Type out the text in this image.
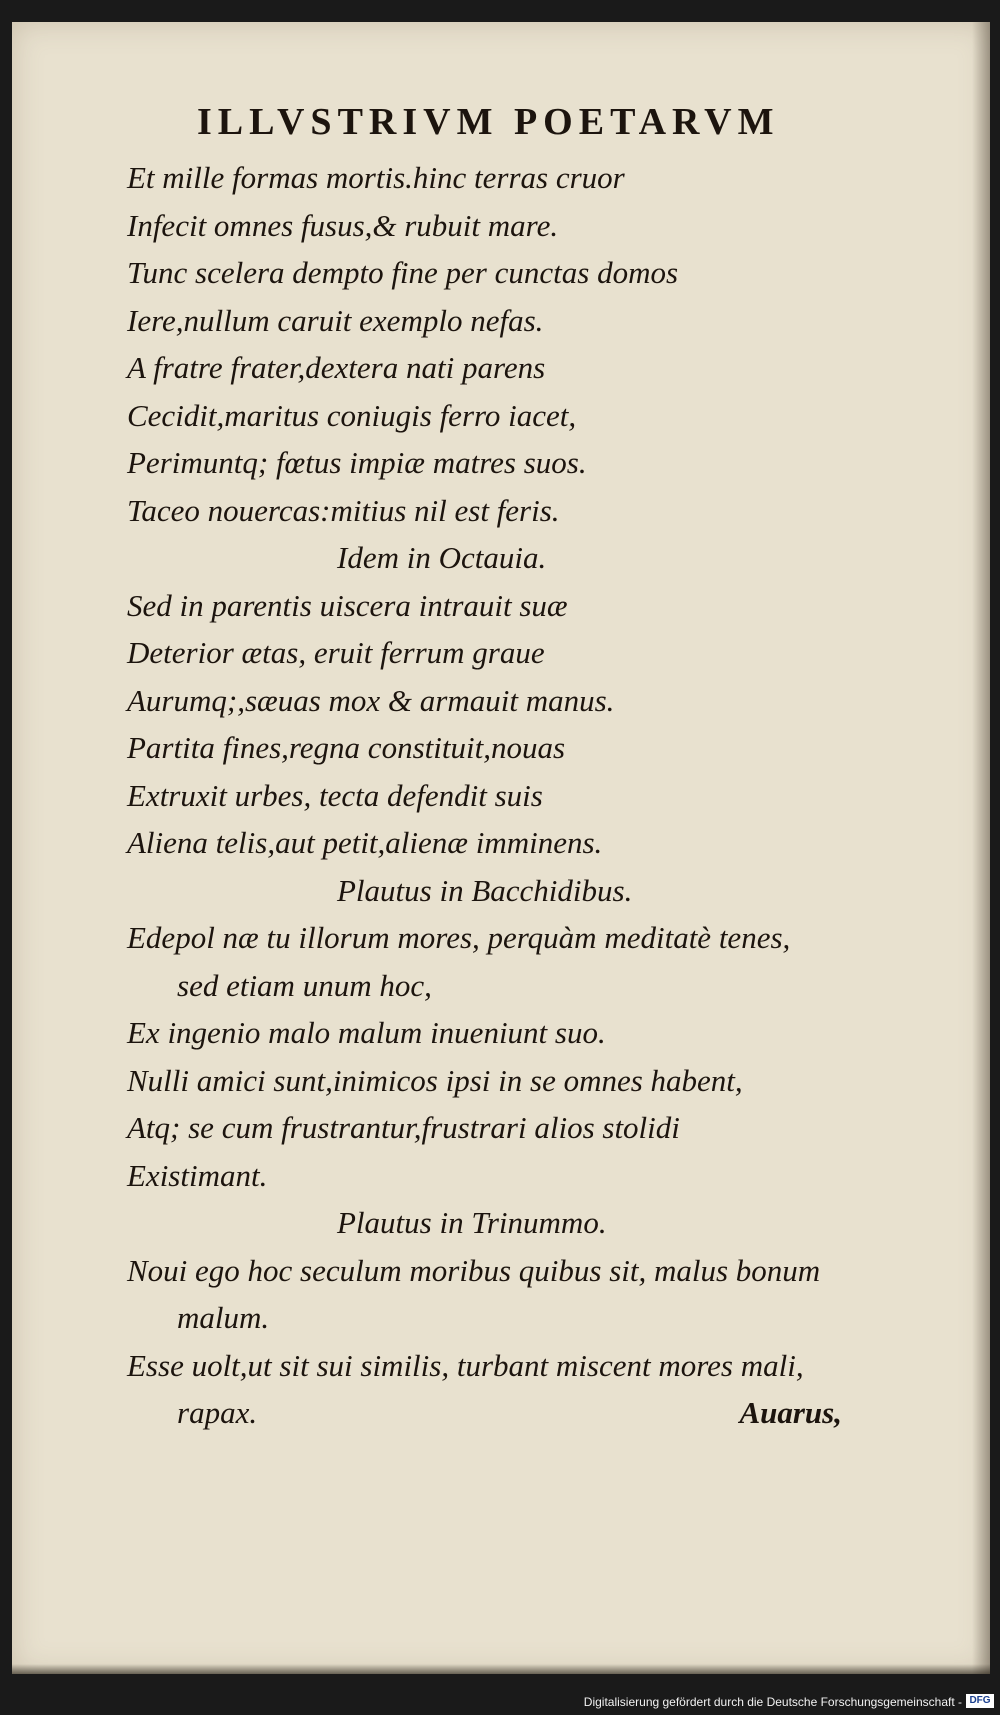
ILLVSTRIVM POETARVM
Et mille formas mortis.hinc terras cruor
Infecit omnes fusus,& rubuit mare.
Tunc scelera dempto fine per cunctas domos
Iere,nullum caruit exemplo nefas.
A fratre frater,dextera nati parens
Cecidit,maritus coniugis ferro iacet,
Perimuntq; fœtus impiæ matres suos.
Taceo nouercas:mitius nil est feris.
Idem in Octauia.
Sed in parentis uiscera intrauit suæ
Deterior ætas, eruit ferrum graue
Aurumq;,sæuas mox & armauit manus.
Partita fines,regna constituit,nouas
Extruxit urbes, tecta defendit suis
Aliena telis,aut petit,alienæ imminens.
Plautus in Bacchidibus.
Edepol næ tu illorum mores, perquàm meditatè tenes,
sed etiam unum hoc,
Ex ingenio malo malum inueniunt suo.
Nulli amici sunt,inimicos ipsi in se omnes habent,
Atq; se cum frustrantur,frustrari alios stolidi
Existimant.
Plautus in Trinummo.
Noui ego hoc seculum moribus quibus sit, malus bonum
malum.
Esse uolt,ut sit sui similis, turbant miscent mores mali,
rapax.	Auarus,
Digitalisierung gefördert durch die Deutsche Forschungsgemeinschaft - DFG
